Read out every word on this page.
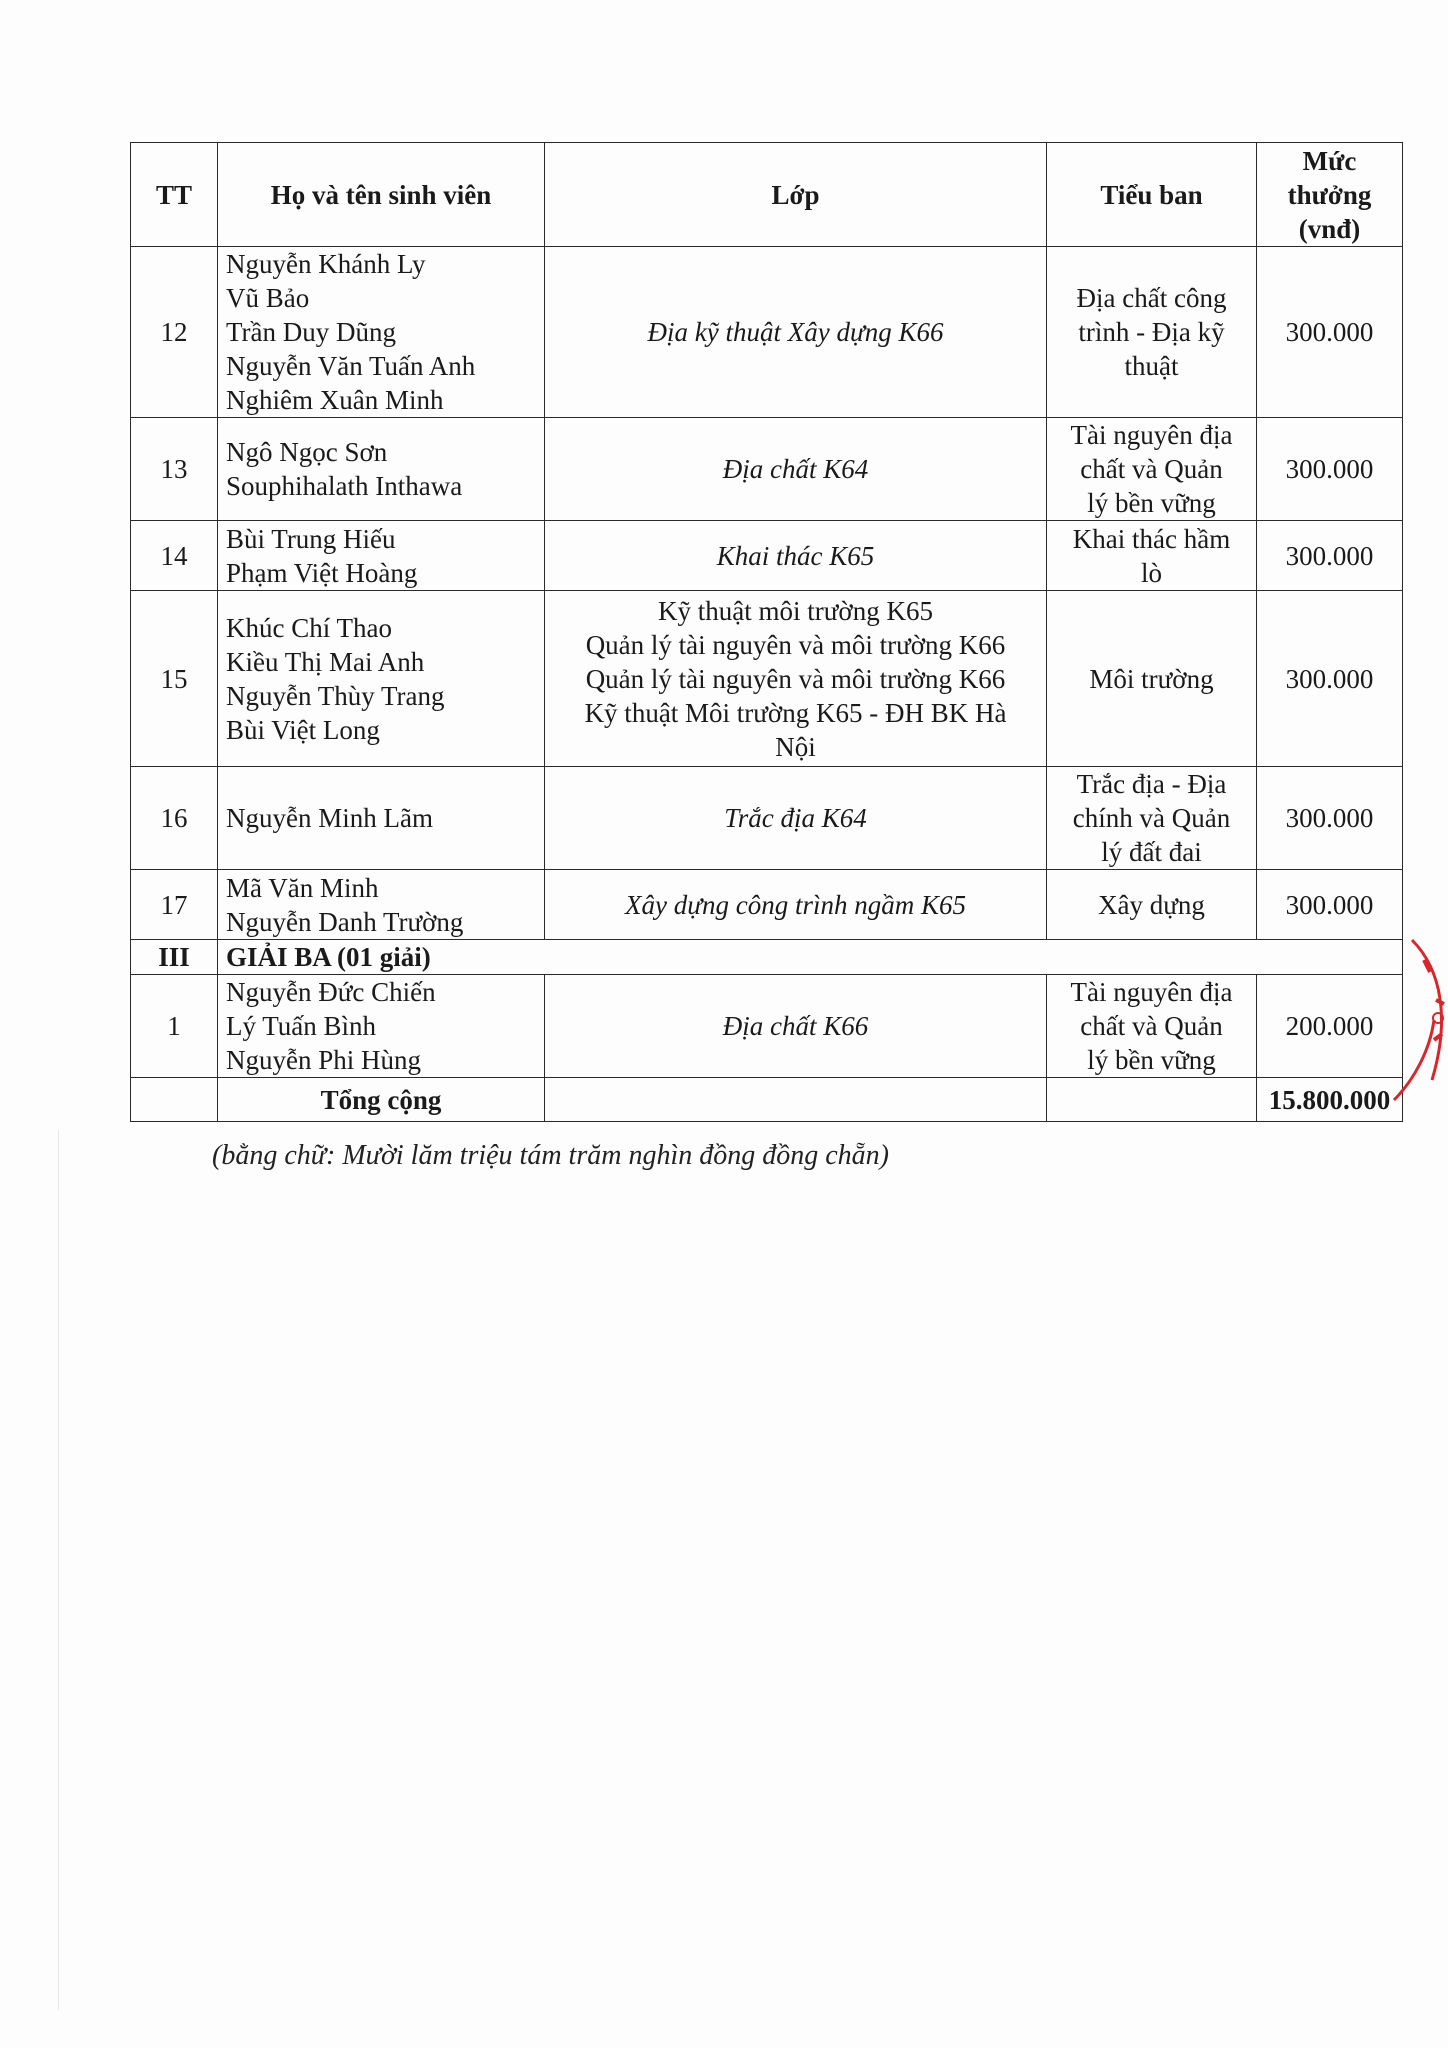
TT	Họ và tên sinh viên	Lớp	Tiểu ban	Mức
thưởng
(vnđ)

12	Nguyễn Khánh Ly
Vũ Bảo
Trần Duy Dũng
Nguyễn Văn Tuấn Anh
Nghiêm Xuân Minh	Địa kỹ thuật Xây dựng K66	Địa chất công
trình - Địa kỹ
thuật	300.000
13	Ngô Ngọc Sơn
Souphihalath Inthawa	Địa chất K64	Tài nguyên địa
chất và Quản
lý bền vững	300.000
14	Bùi Trung Hiếu
Phạm Việt Hoàng	Khai thác K65	Khai thác hầm
lò	300.000
15	Khúc Chí Thao
Kiều Thị Mai Anh
Nguyễn Thùy Trang
Bùi Việt Long	Kỹ thuật môi trường K65
Quản lý tài nguyên và môi trường K66
Quản lý tài nguyên và môi trường K66
Kỹ thuật Môi trường K65 - ĐH BK Hà
Nội	Môi trường	300.000
16	Nguyễn Minh Lãm	Trắc địa K64	Trắc địa - Địa
chính và Quản
lý đất đai	300.000
17	Mã Văn Minh
Nguyễn Danh Trường	Xây dựng công trình ngầm K65	Xây dựng	300.000
III	GIẢI BA (01 giải)			
1	Nguyễn Đức Chiến
Lý Tuấn Bình
Nguyễn Phi Hùng	Địa chất K66	Tài nguyên địa
chất và Quản
lý bền vững	200.000
	Tổng cộng			15.800.000
(bằng chữ: Mười lăm triệu tám trăm nghìn đồng đồng chẵn)
